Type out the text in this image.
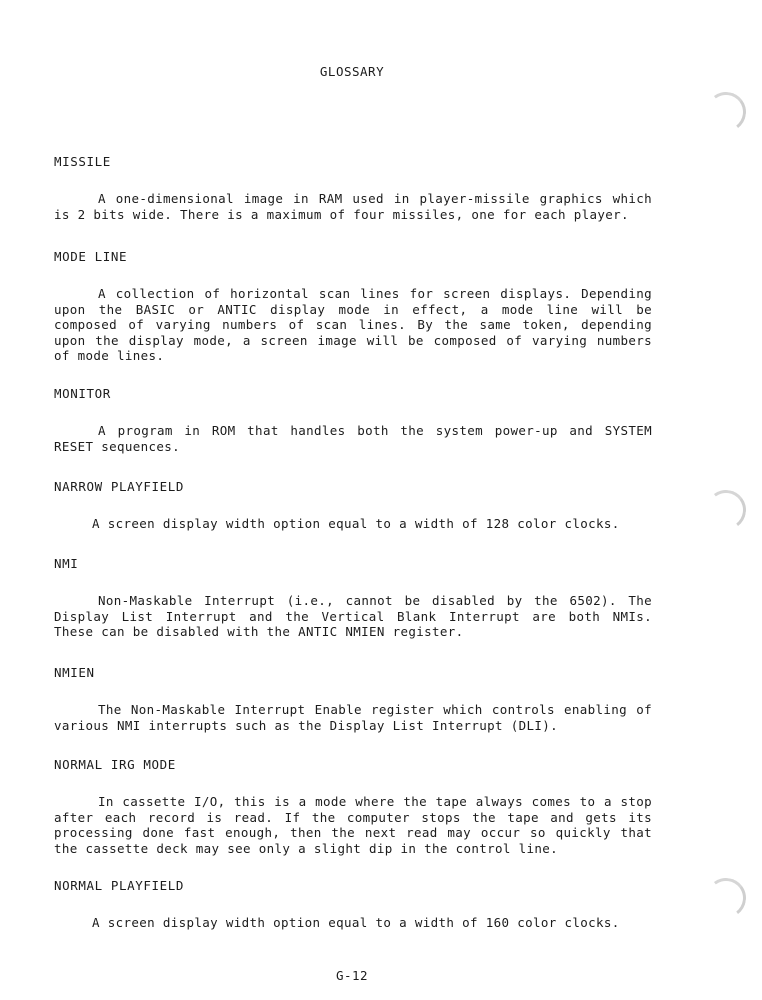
GLOSSARY

MISSILE

A one-dimensional image in RAM used in player-missile graphics which is 2 bits wide. There is a maximum of four missiles, one for each player.

MODE LINE

A collection of horizontal scan lines for screen displays. Depending upon the BASIC or ANTIC display mode in effect, a mode line will be composed of varying numbers of scan lines. By the same token, depending upon the display mode, a screen image will be composed of varying numbers of mode lines.

MONITOR

A program in ROM that handles both the system power-up and SYSTEM RESET sequences.

NARROW PLAYFIELD

A screen display width option equal to a width of 128 color clocks.

NMI

Non-Maskable Interrupt (i.e., cannot be disabled by the 6502). The Display List Interrupt and the Vertical Blank Interrupt are both NMIs. These can be disabled with the ANTIC NMIEN register.

NMIEN

The Non-Maskable Interrupt Enable register which controls enabling of various NMI interrupts such as the Display List Interrupt (DLI).

NORMAL IRG MODE

In cassette I/O, this is a mode where the tape always comes to a stop after each record is read. If the computer stops the tape and gets its processing done fast enough, then the next read may occur so quickly that the cassette deck may see only a slight dip in the control line.

NORMAL PLAYFIELD

A screen display width option equal to a width of 160 color clocks.

G-12
